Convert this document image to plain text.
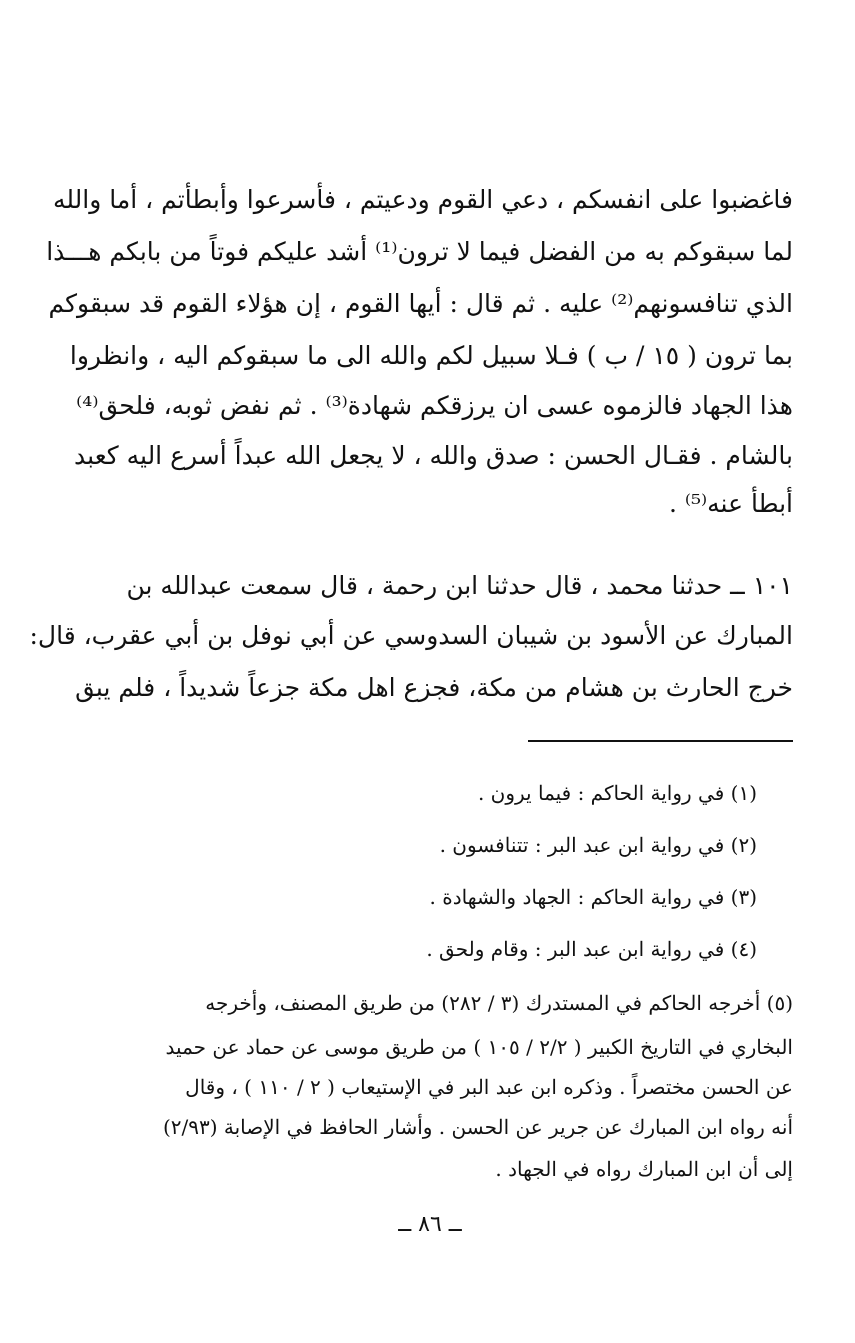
فاغضبوا على انفسكم ، دعي القوم ودعيتم ، فأسرعوا وأبطأتم ، أما والله
لما سبقوكم به من الفضل فيما لا ترون⁽¹⁾ أشد عليكم فوتاً من بابكم هـــذا
الذي تنافسونهم⁽²⁾ عليه . ثم قال : أيها القوم ، إن هؤلاء القوم قد سبقوكم
بما ترون ( ١٥ / ب ) فـلا سبيل لكم والله الى ما سبقوكم اليه ، وانظروا
هذا الجهاد فالزموه عسى ان يرزقكم شهادة⁽³⁾ . ثم نفض ثوبه، فلحق⁽⁴⁾
بالشام . فقـال الحسن : صدق والله ، لا يجعل الله عبداً أسرع اليه كعبد
أبطأ عنه⁽⁵⁾ .
١٠١ ــ حدثنا محمد ، قال حدثنا ابن رحمة ، قال سمعت عبدالله بن
المبارك عن الأسود بن شيبان السدوسي عن أبي نوفل بن أبي عقرب، قال:
خرج الحارث بن هشام من مكة، فجزع اهل مكة جزعاً شديداً ، فلم يبق
(١) في رواية الحاكم : فيما يرون .
(٢) في رواية ابن عبد البر : تتنافسون .
(٣) في رواية الحاكم : الجهاد والشهادة .
(٤) في رواية ابن عبد البر : وقام ولحق .
(٥) أخرجه الحاكم في المستدرك (٣ / ٢٨٢) من طريق المصنف، وأخرجه
البخاري في التاريخ الكبير ( ٢/٢ / ١٠٥ ) من طريق موسى عن حماد عن حميد
عن الحسن مختصراً . وذكره ابن عبد البر في الإستيعاب ( ٢ / ١١٠ ) ، وقال
أنه رواه ابن المبارك عن جرير عن الحسن . وأشار الحافظ في الإصابة (٢/٩٣)
إلى أن ابن المبارك رواه في الجهاد .
ــ ٨٦ ــ
